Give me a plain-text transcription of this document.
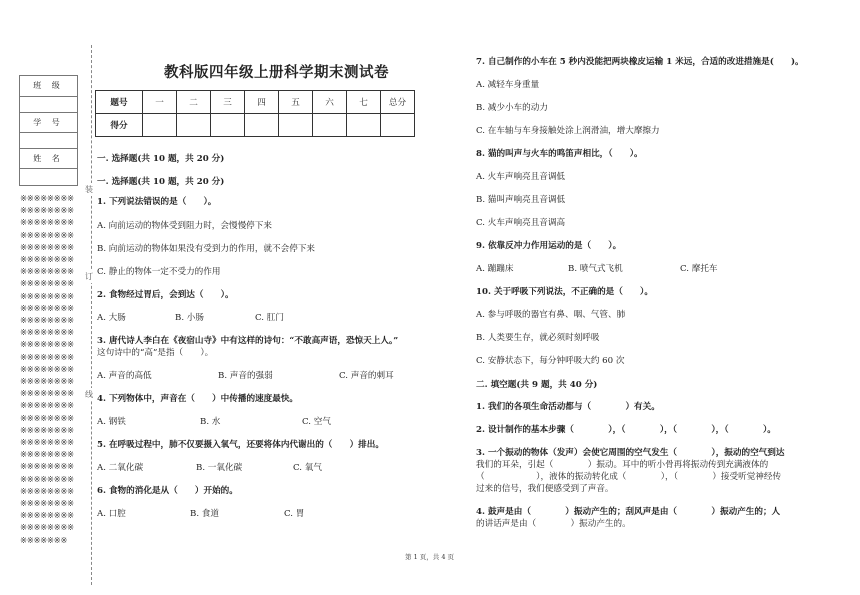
班 级
学 号
姓 名
※※※※※※※※※※※※※※※※※※※※※※※※※※※※※※※※※※※※※※※※※※※※※※※※※※※※※※※※※※※※※※※※※※※※※※※※※※※※※※※※※※※※※※※※※※※※※※※※※※※※※※※※※※※※※※※※※※※※※※※※※※※※※※※※※※※※※※※※※※※※※※※※※※※※※※※※※※※※※※※※※※※※※※※※※※※※※※※※※※※※※※※※※※※※※※※※※※※※※※※※※※※※※※※※※※※※※※※※※※※※※※※※※※※※※※※
装
订
线
教科版四年级上册科学期末测试卷
题号	一	二	三	四	五	六	七	总分
得分								
一. 选择题(共 10 题，共 20 分)
一. 选择题(共 10 题，共 20 分)
1. 下列说法错误的是（　　）。
A. 向前运动的物体受到阻力时，会慢慢停下来
B. 向前运动的物体如果没有受到力的作用，就不会停下来
C. 静止的物体一定不受力的作用
2. 食物经过胃后，会到达（　　）。
A. 大肠	B. 小肠	C. 肛门
3. 唐代诗人李白在《夜宿山寺》中有这样的诗句：“不敢高声语，恐惊天上人。”
这句诗中的“高”是指（　　）。
A. 声音的高低	B. 声音的强弱	C. 声音的刺耳
4. 下列物体中，声音在（　　）中传播的速度最快。
A. 钢铁	B. 水	C. 空气
5. 在呼吸过程中，肺不仅要摄入氧气，还要将体内代谢出的（　　）排出。
A. 二氧化碳	B. 一氧化碳	C. 氧气
6. 食物的消化是从（　　）开始的。
A. 口腔	B. 食道	C. 胃
7. 自己制作的小车在 5 秒内没能把两块橡皮运输 1 米远，合适的改进措施是(　　)。
A. 减轻车身重量
B. 减少小车的动力
C. 在车轴与车身接触处涂上润滑油，增大摩擦力
8. 猫的叫声与火车的鸣笛声相比，（　　）。
A. 火车声响亮且音调低
B. 猫叫声响亮且音调低
C. 火车声响亮且音调高
9. 依靠反冲力作用运动的是（　　）。
A. 蹦蹦床	B. 喷气式飞机	C. 摩托车
10. 关于呼吸下列说法，不正确的是（　　）。
A. 参与呼吸的器官有鼻、咽、气管、肺
B. 人类要生存，就必须时刻呼吸
C. 安静状态下，每分钟呼吸大约 60 次
二. 填空题(共 9 题，共 40 分)
1. 我们的各项生命活动都与（　　　　）有关。
2. 设计制作的基本步骤（　　　　），（　　　　），（　　　　），（　　　　）。
3. 一个振动的物体（发声）会使它周围的空气发生（　　　　），振动的空气到达
我们的耳朵，引起（　　　　）振动。耳中的听小骨再将振动传到充满液体的
（　　　　　　），液体的振动转化成（　　　　），（　　　　）接受听觉神经传
过来的信号，我们便感受到了声音。
4. 鼓声是由（　　　　）振动产生的；刮风声是由（　　　　）振动产生的；人
的讲话声是由（　　　　）振动产生的。
第 1 页，共 4 页
